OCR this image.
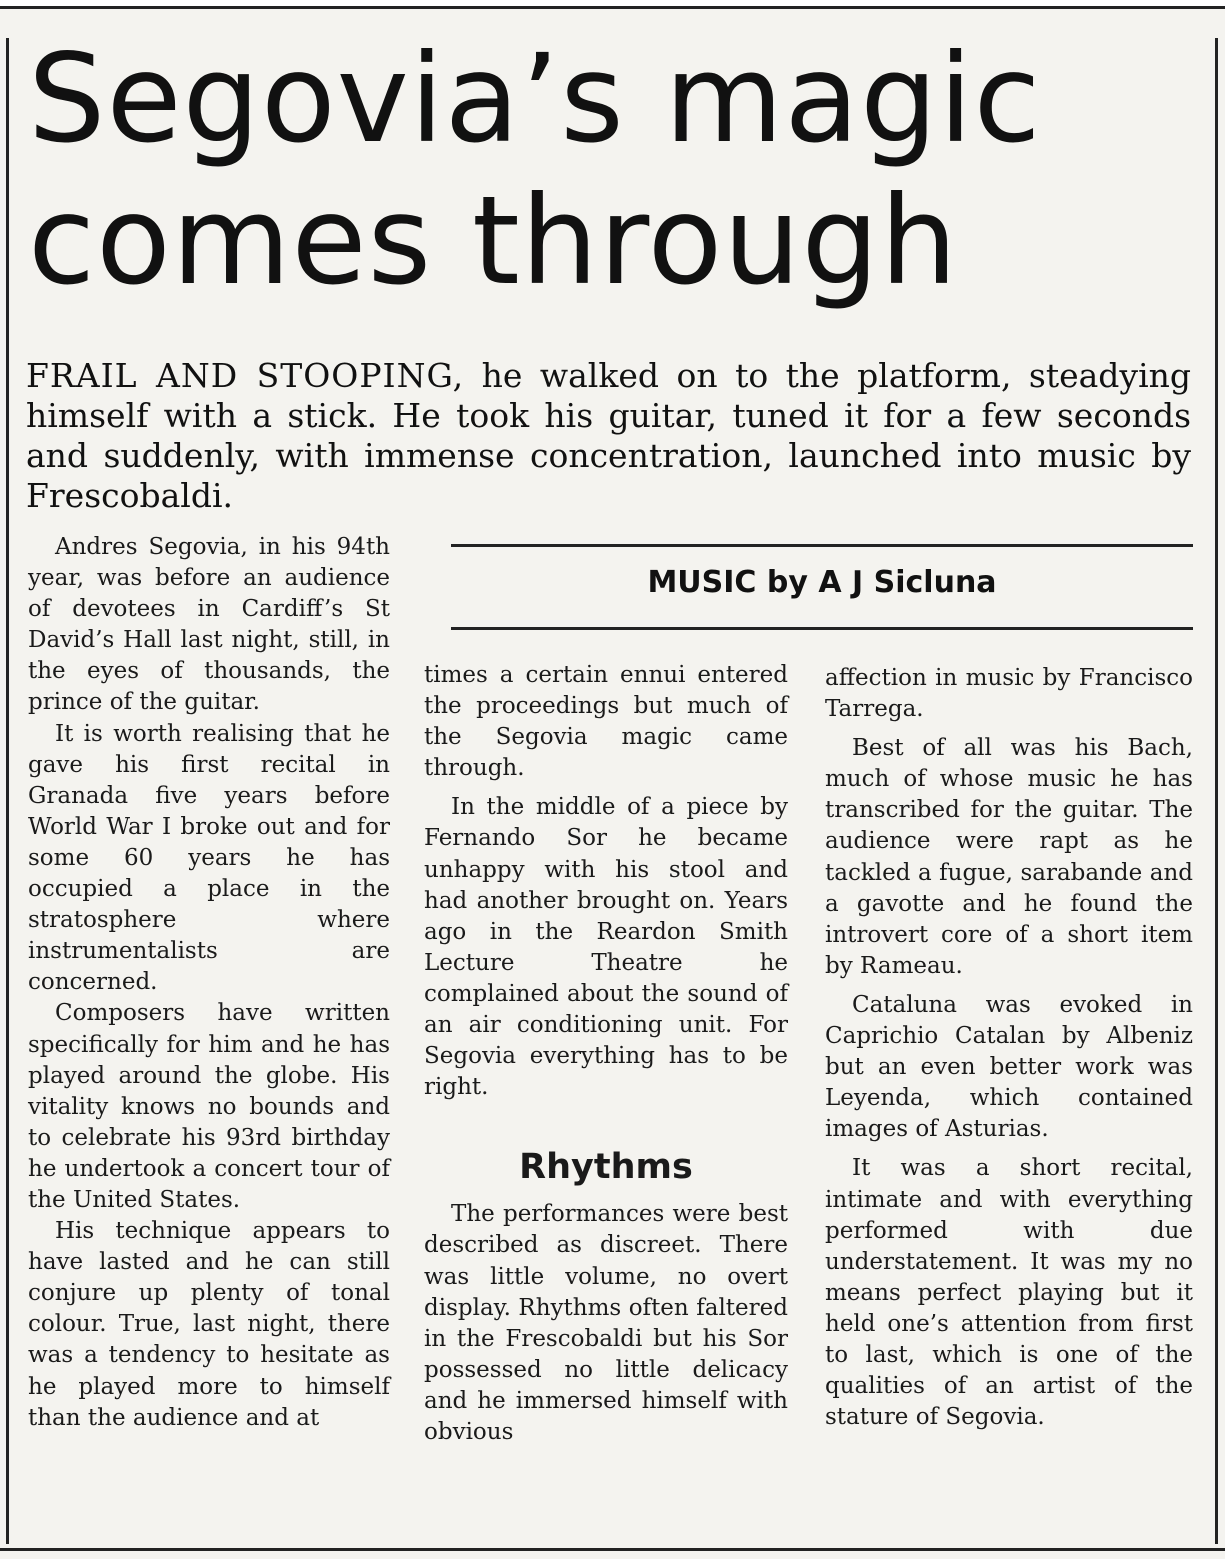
Segovia’s magic
comes through

FRAIL AND STOOPING, he walked on to the platform, steadying himself with a stick. He took his guitar, tuned it for a few seconds and suddenly, with immense concentration, launched into music by Frescobaldi.

Andres Segovia, in his 94th year, was before an audience of devotees in Cardiff’s St David’s Hall last night, still, in the eyes of thousands, the prince of the guitar.

It is worth realising that he gave his first recital in Granada five years before World War I broke out and for some 60 years he has occupied a place in the stratosphere where instrumentalists are concerned.

Composers have written specifically for him and he has played around the globe. His vitality knows no bounds and to celebrate his 93rd birthday he undertook a concert tour of the United States.

His technique appears to have lasted and he can still conjure up plenty of tonal colour. True, last night, there was a tendency to hesitate as he played more to himself than the audience and at

MUSIC by A J Sicluna

times a certain ennui entered the proceedings but much of the Segovia magic came through.

In the middle of a piece by Fernando Sor he became unhappy with his stool and had another brought on. Years ago in the Reardon Smith Lecture Theatre he complained about the sound of an air conditioning unit. For Segovia everything has to be right.

Rhythms

The performances were best described as discreet. There was little volume, no overt display. Rhythms often faltered in the Frescobaldi but his Sor possessed no little delicacy and he immersed himself with obvious

affection in music by Francisco Tarrega.

Best of all was his Bach, much of whose music he has transcribed for the guitar. The audience were rapt as he tackled a fugue, sarabande and a gavotte and he found the introvert core of a short item by Rameau.

Cataluna was evoked in Caprichio Catalan by Albeniz but an even better work was Leyenda, which contained images of Asturias.

It was a short recital, intimate and with everything performed with due understatement. It was my no means perfect playing but it held one’s attention from first to last, which is one of the qualities of an artist of the stature of Segovia.
